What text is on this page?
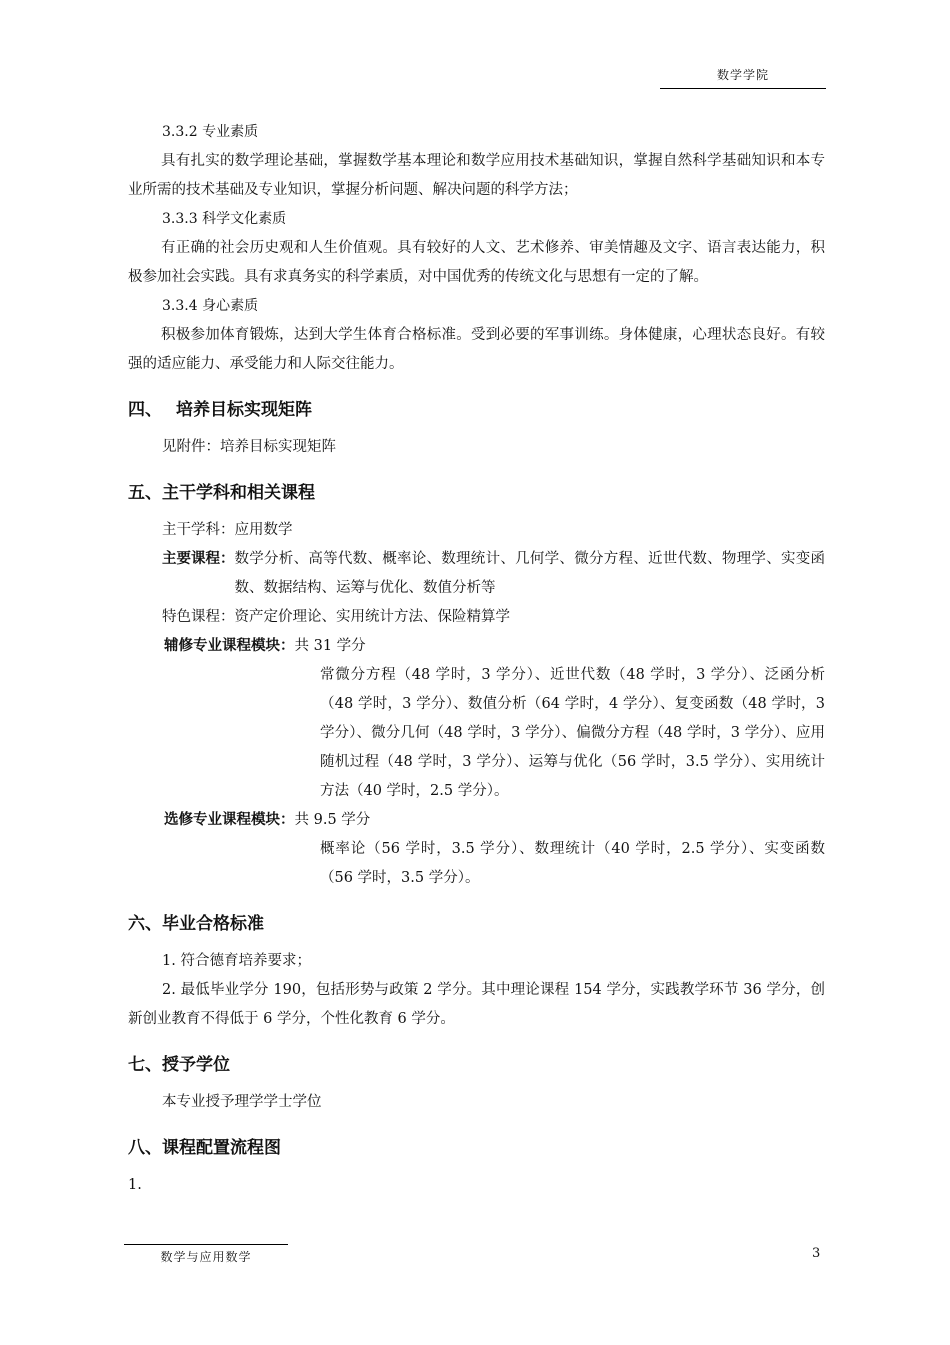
数学学院
3.3.2 专业素质
具有扎实的数学理论基础，掌握数学基本理论和数学应用技术基础知识，掌握自然科学基础知识和本专业所需的技术基础及专业知识，掌握分析问题、解决问题的科学方法；
3.3.3 科学文化素质
有正确的社会历史观和人生价值观。具有较好的人文、艺术修养、审美情趣及文字、语言表达能力，积极参加社会实践。具有求真务实的科学素质，对中国优秀的传统文化与思想有一定的了解。
3.3.4 身心素质
积极参加体育锻炼，达到大学生体育合格标准。受到必要的军事训练。身体健康，心理状态良好。有较强的适应能力、承受能力和人际交往能力。
四、 培养目标实现矩阵
见附件：培养目标实现矩阵
五、主干学科和相关课程
主干学科：应用数学
主要课程： 数学分析、高等代数、概率论、数理统计、几何学、微分方程、近世代数、物理学、实变函数、数据结构、运筹与优化、数值分析等
特色课程：资产定价理论、实用统计方法、保险精算学
辅修专业课程模块：共 31 学分
常微分方程（48 学时，3 学分）、近世代数（48 学时，3 学分）、泛函分析（48 学时，3 学分）、数值分析（64 学时，4 学分）、复变函数（48 学时，3 学分）、微分几何（48 学时，3 学分）、偏微分方程（48 学时，3 学分）、应用随机过程（48 学时，3 学分）、运筹与优化（56 学时，3.5 学分）、实用统计方法（40 学时，2.5 学分）。
选修专业课程模块：共 9.5 学分
概率论（56 学时，3.5 学分）、数理统计（40 学时，2.5 学分）、实变函数（56 学时，3.5 学分）。
六、毕业合格标准
1. 符合德育培养要求；
2. 最低毕业学分 190，包括形势与政策 2 学分。其中理论课程 154 学分，实践教学环节 36 学分，创新创业教育不得低于 6 学分，个性化教育 6 学分。
七、授予学位
本专业授予理学学士学位
八、课程配置流程图
1.
数学与应用数学	3
